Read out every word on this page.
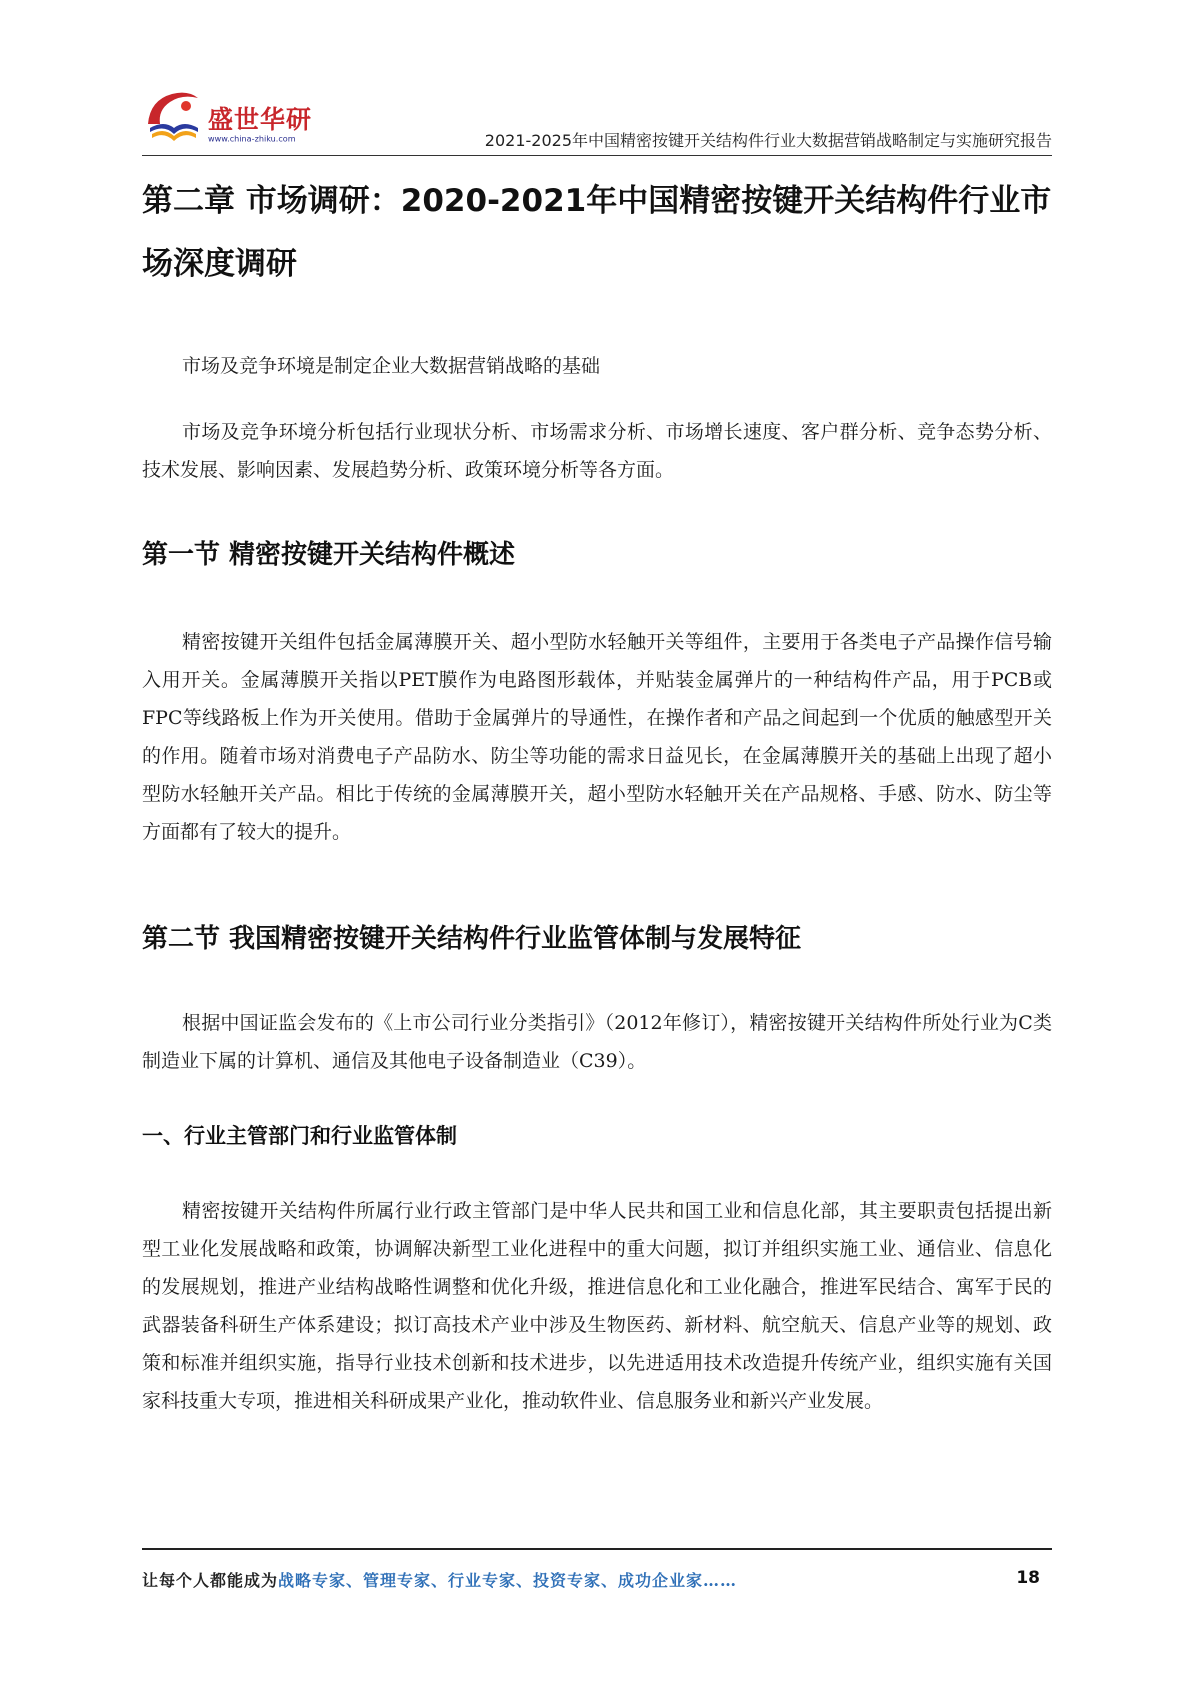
盛世华研
www.china-zhiku.com	2021-2025年中国精密按键开关结构件行业大数据营销战略制定与实施研究报告
第二章 市场调研：2020-2021年中国精密按键开关结构件行业市场深度调研

市场及竞争环境是制定企业大数据营销战略的基础

市场及竞争环境分析包括行业现状分析、市场需求分析、市场增长速度、客户群分析、竞争态势分析、技术发展、影响因素、发展趋势分析、政策环境分析等各方面。

第一节 精密按键开关结构件概述

精密按键开关组件包括金属薄膜开关、超小型防水轻触开关等组件，主要用于各类电子产品操作信号输入用开关。金属薄膜开关指以PET膜作为电路图形载体，并贴装金属弹片的一种结构件产品，用于PCB或FPC等线路板上作为开关使用。借助于金属弹片的导通性，在操作者和产品之间起到一个优质的触感型开关的作用。随着市场对消费电子产品防水、防尘等功能的需求日益见长，在金属薄膜开关的基础上出现了超小型防水轻触开关产品。相比于传统的金属薄膜开关，超小型防水轻触开关在产品规格、手感、防水、防尘等方面都有了较大的提升。

第二节 我国精密按键开关结构件行业监管体制与发展特征

根据中国证监会发布的《上市公司行业分类指引》（2012年修订），精密按键开关结构件所处行业为C类制造业下属的计算机、通信及其他电子设备制造业（C39）。

一、行业主管部门和行业监管体制

精密按键开关结构件所属行业行政主管部门是中华人民共和国工业和信息化部，其主要职责包括提出新型工业化发展战略和政策，协调解决新型工业化进程中的重大问题，拟订并组织实施工业、通信业、信息化的发展规划，推进产业结构战略性调整和优化升级，推进信息化和工业化融合，推进军民结合、寓军于民的武器装备科研生产体系建设；拟订高技术产业中涉及生物医药、新材料、航空航天、信息产业等的规划、政策和标准并组织实施，指导行业技术创新和技术进步，以先进适用技术改造提升传统产业，组织实施有关国家科技重大专项，推进相关科研成果产业化，推动软件业、信息服务业和新兴产业发展。

让每个人都能成为战略专家、管理专家、行业专家、投资专家、成功企业家……	18
